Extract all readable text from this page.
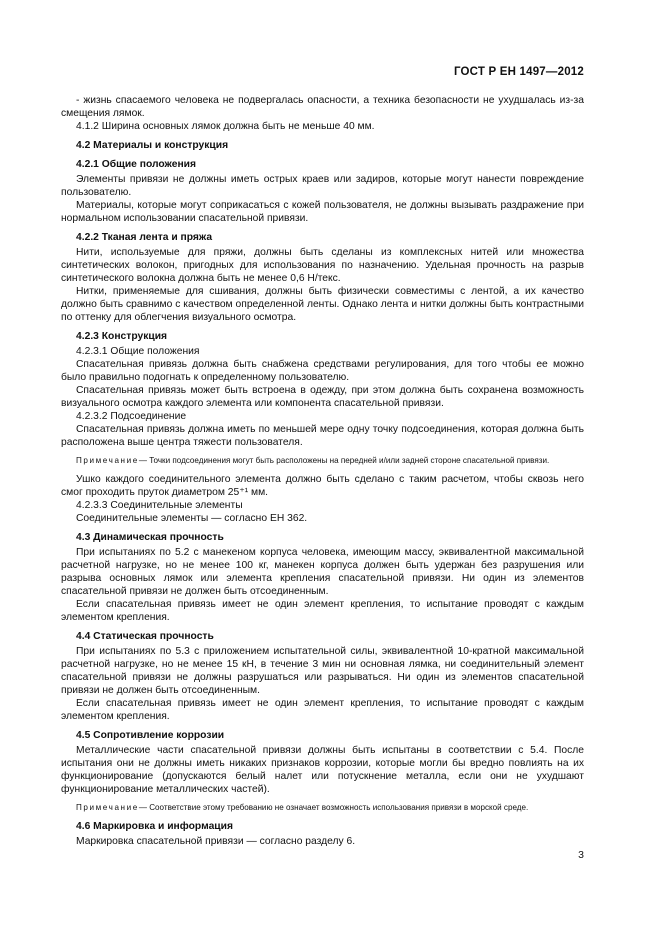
ГОСТ Р ЕН 1497—2012
- жизнь спасаемого человека не подвергалась опасности, а техника безопасности не ухудшалась из-за смещения лямок.
4.1.2 Ширина основных лямок должна быть не меньше 40 мм.
4.2 Материалы и конструкция
4.2.1 Общие положения
Элементы привязи не должны иметь острых краев или задиров, которые могут нанести повреждение пользователю.
Материалы, которые могут соприкасаться с кожей пользователя, не должны вызывать раздражение при нормальном использовании спасательной привязи.
4.2.2 Тканая лента и пряжа
Нити, используемые для пряжи, должны быть сделаны из комплексных нитей или множества синтетических волокон, пригодных для использования по назначению. Удельная прочность на разрыв синтетического волокна должна быть не менее 0,6 Н/текс.
Нитки, применяемые для сшивания, должны быть физически совместимы с лентой, а их качество должно быть сравнимо с качеством определенной ленты. Однако лента и нитки должны быть контрастными по оттенку для облегчения визуального осмотра.
4.2.3 Конструкция
4.2.3.1 Общие положения
Спасательная привязь должна быть снабжена средствами регулирования, для того чтобы ее можно было правильно подогнать к определенному пользователю.
Спасательная привязь может быть встроена в одежду, при этом должна быть сохранена возможность визуального осмотра каждого элемента или компонента спасательной привязи.
4.2.3.2 Подсоединение
Спасательная привязь должна иметь по меньшей мере одну точку подсоединения, которая должна быть расположена выше центра тяжести пользователя.
Примечание— Точки подсоединения могут быть расположены на передней и/или задней стороне спасательной привязи.
Ушко каждого соединительного элемента должно быть сделано с таким расчетом, чтобы сквозь него смог проходить пруток диаметром 25⁺¹ мм.
4.2.3.3 Соединительные элементы
Соединительные элементы — согласно ЕН 362.
4.3 Динамическая прочность
При испытаниях по 5.2 с манекеном корпуса человека, имеющим массу, эквивалентной максимальной расчетной нагрузке, но не менее 100 кг, манекен корпуса должен быть удержан без разрушения или разрыва основных лямок или элемента крепления спасательной привязи. Ни один из элементов спасательной привязи не должен быть отсоединенным.
Если спасательная привязь имеет не один элемент крепления, то испытание проводят с каждым элементом крепления.
4.4 Статическая прочность
При испытаниях по 5.3 с приложением испытательной силы, эквивалентной 10-кратной максимальной расчетной нагрузке, но не менее 15 кН, в течение 3 мин ни основная лямка, ни соединительный элемент спасательной привязи не должны разрушаться или разрываться. Ни один из элементов спасательной привязи не должен быть отсоединенным.
Если спасательная привязь имеет не один элемент крепления, то испытание проводят с каждым элементом крепления.
4.5 Сопротивление коррозии
Металлические части спасательной привязи должны быть испытаны в соответствии с 5.4. После испытания они не должны иметь никаких признаков коррозии, которые могли бы вредно повлиять на их функционирование (допускаются белый налет или потускнение металла, если они не ухудшают функционирование металлических частей).
Примечание— Соответствие этому требованию не означает возможность использования привязи в морской среде.
4.6 Маркировка и информация
Маркировка спасательной привязи — согласно разделу 6.
3
